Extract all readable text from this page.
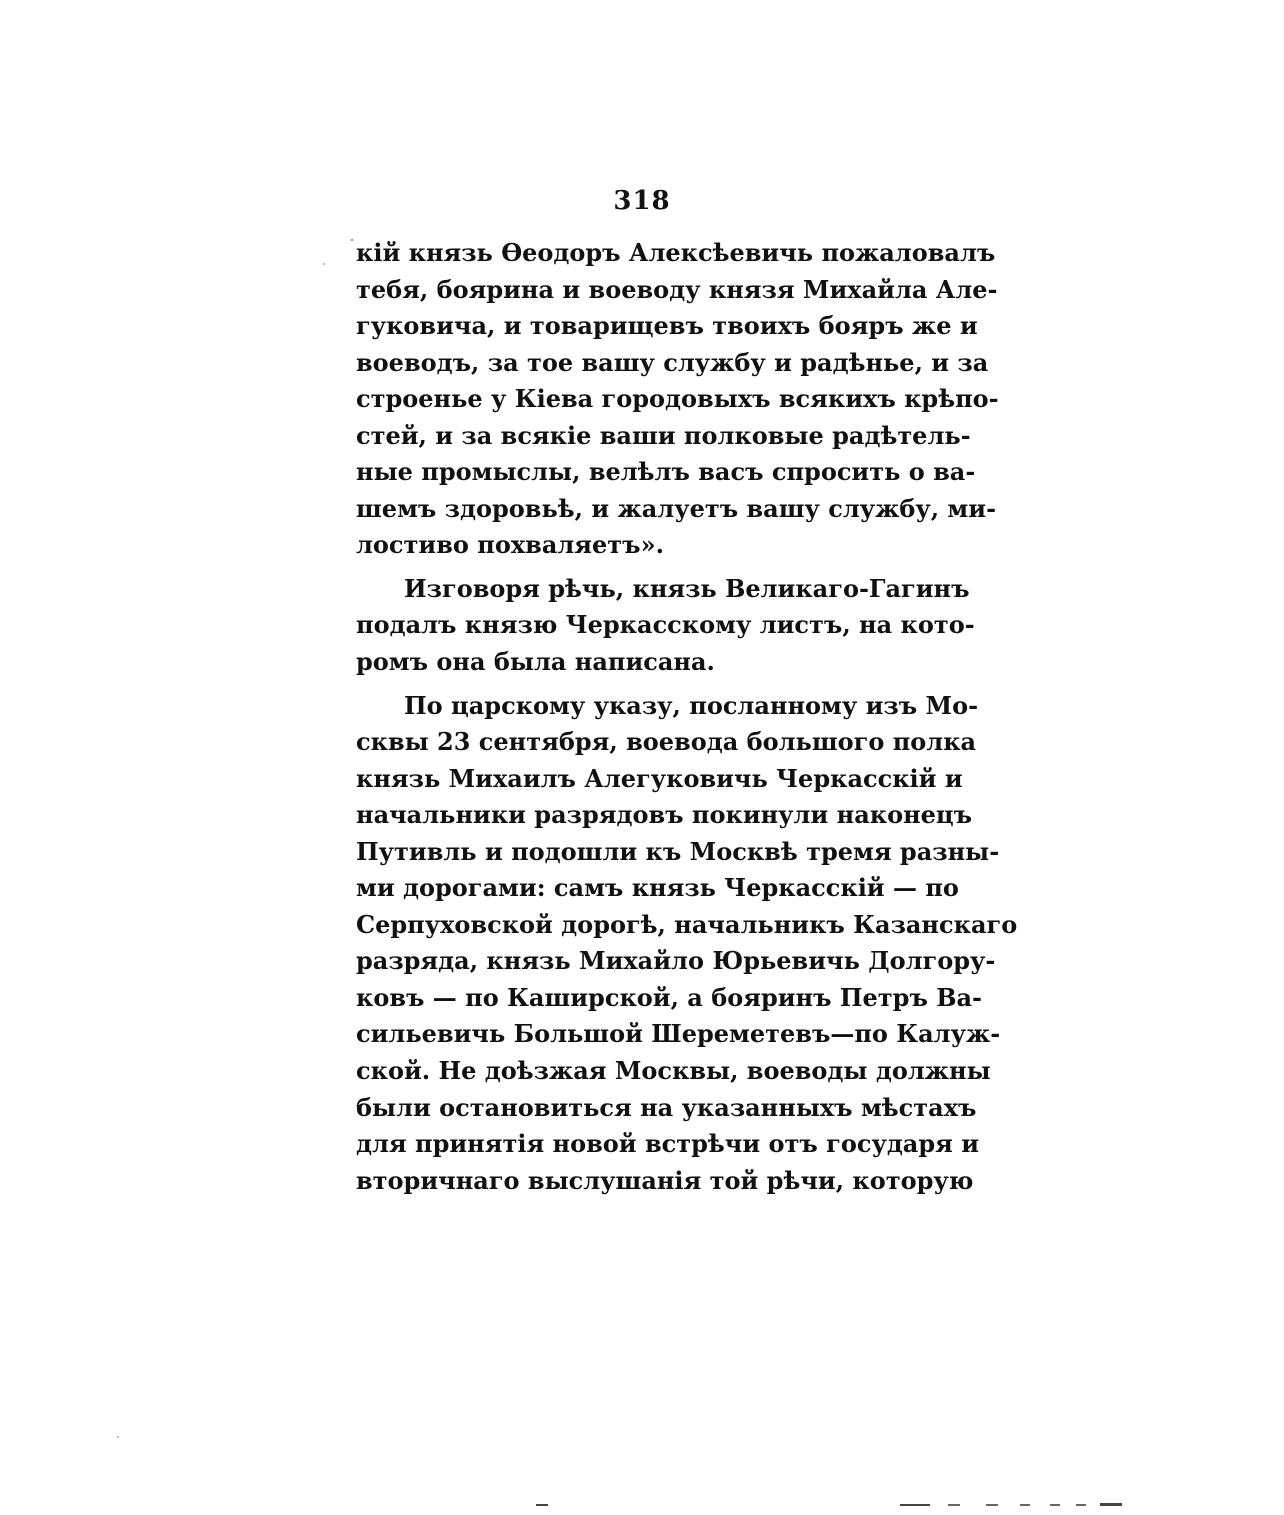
318
кій князь Ѳеодоръ Алексѣевичь пожаловалъ
тебя, боярина и воеводу князя Михайла Але-
гуковича, и товарищевъ твоихъ бояръ же и
воеводъ, за тое вашу службу и радѣнье, и за
строенье у Кіева городовыхъ всякихъ крѣпо-
стей, и за всякіе ваши полковые радѣтель-
ные промыслы, велѣлъ васъ спросить о ва-
шемъ здоровьѣ, и жалуетъ вашу службу, ми-
лостиво похваляетъ».
Изговоря рѣчь, князь Великаго-Гагинъ
подалъ князю Черкасскому листъ, на кото-
ромъ она была написана.
По царскому указу, посланному изъ Мо-
сквы 23 сентября, воевода большого полка
князь Михаилъ Алегуковичь Черкасскій и
начальники разрядовъ покинули наконецъ
Путивль и подошли къ Москвѣ тремя разны-
ми дорогами: самъ князь Черкасскій — по
Серпуховской дорогѣ, начальникъ Казанскаго
разряда, князь Михайло Юрьевичь Долгору-
ковъ — по Каширской, а бояринъ Петръ Ва-
сильевичь Большой Шереметевъ—по Калуж-
ской. Не доѣзжая Москвы, воеводы должны
были остановиться на указанныхъ мѣстахъ
для принятія новой встрѣчи отъ государя и
вторичнаго выслушанія той рѣчи, которую
